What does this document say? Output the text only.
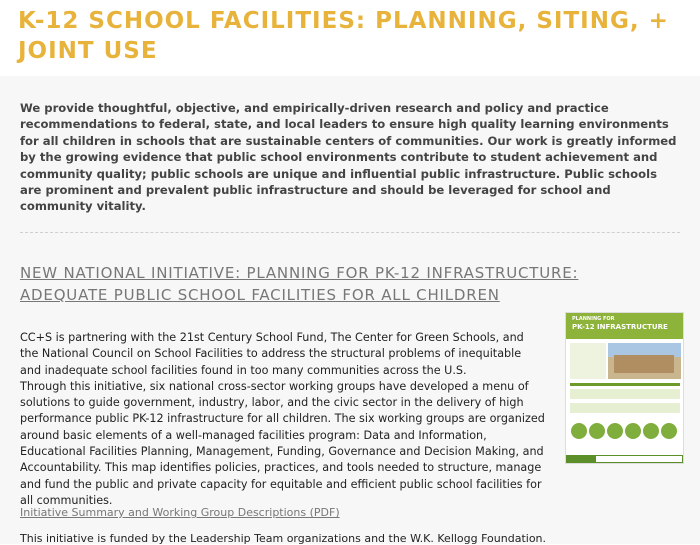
K-12 SCHOOL FACILITIES: PLANNING, SITING, + JOINT USE
We provide thoughtful, objective, and empirically-driven research and policy and practice recommendations to federal, state, and local leaders to ensure high quality learning environments for all children in schools that are sustainable centers of communities. Our work is greatly informed by the growing evidence that public school environments contribute to student achievement and community quality; public schools are unique and influential public infrastructure. Public schools are prominent and prevalent public infrastructure and should be leveraged for school and community vitality.
NEW NATIONAL INITIATIVE: PLANNING FOR PK-12 INFRASTRUCTURE: ADEQUATE PUBLIC SCHOOL FACILITIES FOR ALL CHILDREN

CC+S is partnering with the 21st Century School Fund, The Center for Green Schools, and the National Council on School Facilities to address the structural problems of inequitable and inadequate school facilities found in too many communities across the U.S.

Through this initiative, six national cross-sector working groups have developed a menu of solutions to guide government, industry, labor, and the civic sector in the delivery of high performance public PK-12 infrastructure for all children. The six working groups are organized around basic elements of a well-managed facilities program: Data and Information, Educational Facilities Planning, Management, Funding, Governance and Decision Making, and Accountability. This map identifies policies, practices, and tools needed to structure, manage and fund the public and private capacity for equitable and efficient public school facilities for all communities.

Initiative Summary and Working Group Descriptions (PDF)
This initiative is funded by the Leadership Team organizations and the W.K. Kellogg Foundation.
PLANNING FOR
PK-12 INFRASTRUCTURE
